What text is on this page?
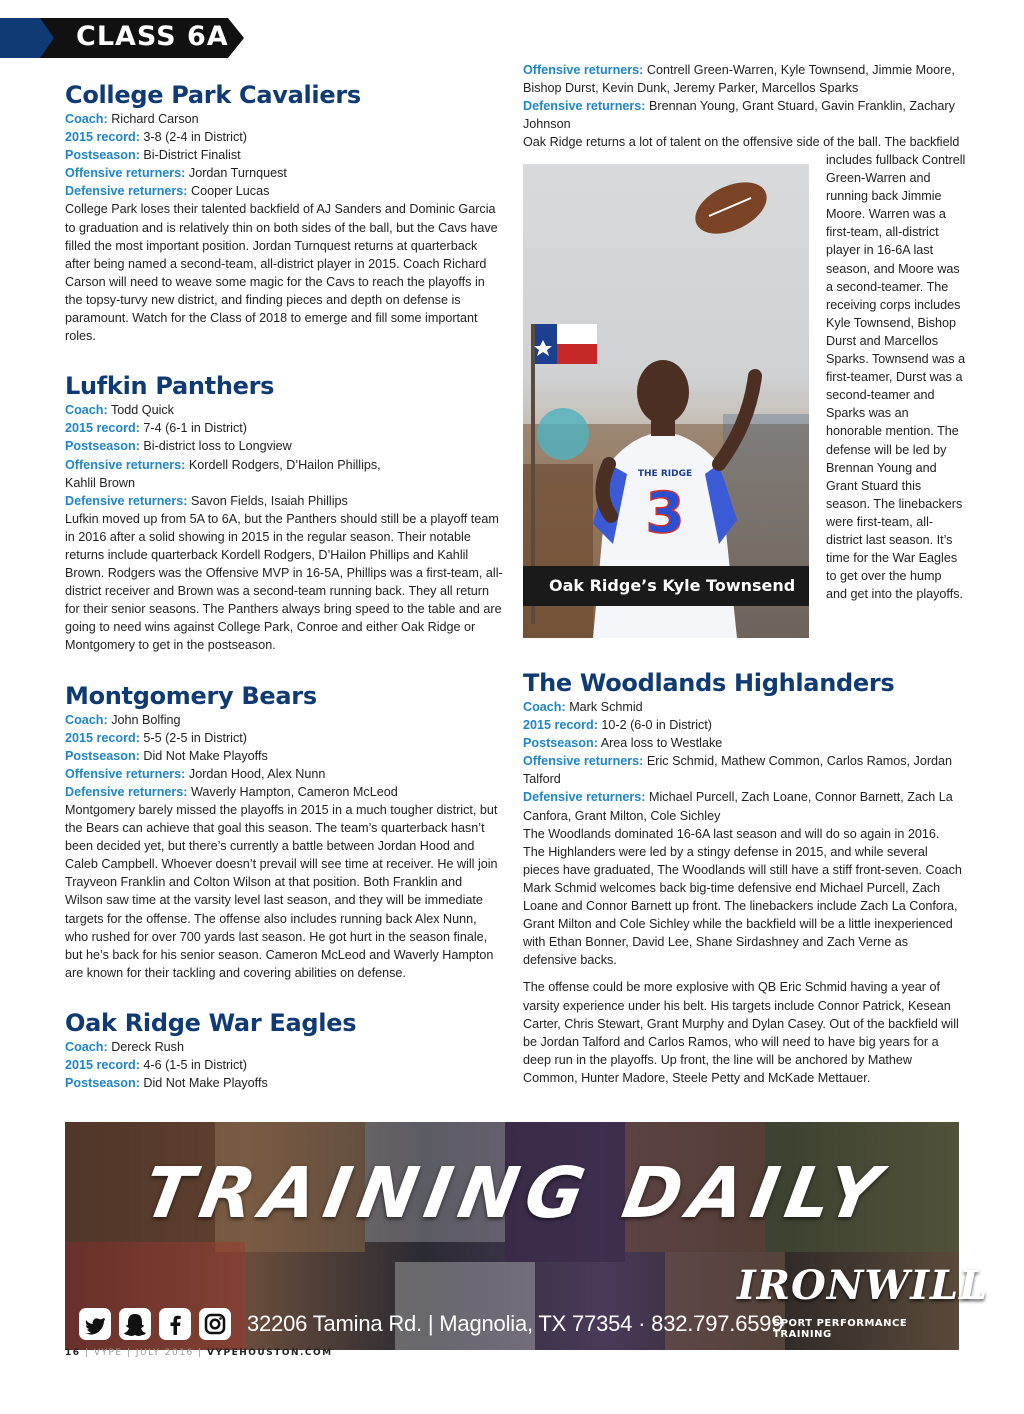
CLASS 6A
College Park Cavaliers
Coach: Richard Carson
2015 record: 3-8 (2-4 in District)
Postseason: Bi-District Finalist
Offensive returners: Jordan Turnquest
Defensive returners: Cooper Lucas

College Park loses their talented backfield of AJ Sanders and Dominic Garcia to graduation and is relatively thin on both sides of the ball, but the Cavs have filled the most important position. Jordan Turnquest returns at quarterback after being named a second-team, all-district player in 2015. Coach Richard Carson will need to weave some magic for the Cavs to reach the playoffs in the topsy-turvy new district, and finding pieces and depth on defense is paramount. Watch for the Class of 2018 to emerge and fill some important roles.

Lufkin Panthers
Coach: Todd Quick
2015 record: 7-4 (6-1 in District)
Postseason: Bi-district loss to Longview
Offensive returners: Kordell Rodgers, D’Hailon Phillips, Kahlil Brown
Defensive returners: Savon Fields, Isaiah Phillips

Lufkin moved up from 5A to 6A, but the Panthers should still be a playoff team in 2016 after a solid showing in 2015 in the regular season. Their notable returns include quarterback Kordell Rodgers, D’Hailon Phillips and Kahlil Brown. Rodgers was the Offensive MVP in 16-5A, Phillips was a first-team, all-district receiver and Brown was a second-team running back. They all return for their senior seasons. The Panthers always bring speed to the table and are going to need wins against College Park, Conroe and either Oak Ridge or Montgomery to get in the postseason.

Montgomery Bears
Coach: John Bolfing
2015 record: 5-5 (2-5 in District)
Postseason: Did Not Make Playoffs
Offensive returners: Jordan Hood, Alex Nunn
Defensive returners: Waverly Hampton, Cameron McLeod

Montgomery barely missed the playoffs in 2015 in a much tougher district, but the Bears can achieve that goal this season. The team’s quarterback hasn’t been decided yet, but there’s currently a battle between Jordan Hood and Caleb Campbell. Whoever doesn’t prevail will see time at receiver. He will join Trayveon Franklin and Colton Wilson at that position. Both Franklin and Wilson saw time at the varsity level last season, and they will be immediate targets for the offense. The offense also includes running back Alex Nunn, who rushed for over 700 yards last season. He got hurt in the season finale, but he’s back for his senior season. Cameron McLeod and Waverly Hampton are known for their tackling and covering abilities on defense.

Oak Ridge War Eagles
Coach: Dereck Rush
2015 record: 4-6 (1-5 in District)
Postseason: Did Not Make Playoffs
Offensive returners: Contrell Green-Warren, Kyle Townsend, Jimmie Moore, Bishop Durst, Kevin Dunk, Jeremy Parker, Marcellos Sparks
Defensive returners: Brennan Young, Grant Stuard, Gavin Franklin, Zachary Johnson

Oak Ridge returns a lot of talent on the offensive side of the ball. The backfield

THE RIDGE
3
Oak Ridge’s Kyle Townsend

includes fullback Contrell Green-Warren and running back Jimmie Moore. Warren was a first-team, all-district player in 16-6A last season, and Moore was a second-teamer. The receiving corps includes Kyle Townsend, Bishop Durst and Marcellos Sparks. Townsend was a first-teamer, Durst was a second-teamer and Sparks was an honorable mention. The defense will be led by Brennan Young and Grant Stuard this season. The linebackers were first-team, all-district last season. It’s time for the War Eagles to get over the hump and get into the playoffs.

The Woodlands Highlanders
Coach: Mark Schmid
2015 record: 10-2 (6-0 in District)
Postseason: Area loss to Westlake
Offensive returners: Eric Schmid, Mathew Common, Carlos Ramos, Jordan Talford
Defensive returners: Michael Purcell, Zach Loane, Connor Barnett, Zach La Canfora, Grant Milton, Cole Sichley

The Woodlands dominated 16-6A last season and will do so again in 2016. The Highlanders were led by a stingy defense in 2015, and while several pieces have graduated, The Woodlands will still have a stiff front-seven. Coach Mark Schmid welcomes back big-time defensive end Michael Purcell, Zach Loane and Connor Barnett up front. The linebackers include Zach La Confora, Grant Milton and Cole Sichley while the backfield will be a little inexperienced with Ethan Bonner, David Lee, Shane Sirdashney and Zach Verne as defensive backs.

The offense could be more explosive with QB Eric Schmid having a year of varsity experience under his belt. His targets include Connor Patrick, Kesean Carter, Chris Stewart, Grant Murphy and Dylan Casey. Out of the backfield will be Jordan Talford and Carlos Ramos, who will need to have big years for a deep run in the playoffs. Up front, the line will be anchored by Mathew Common, Hunter Madore, Steele Petty and McKade Mettauer.

TRAINING DAILY
IRONWILL
SPORT PERFORMANCE TRAINING
32206 Tamina Rd. | Magnolia, TX 77354 · 832.797.6599
16 | VYPE | JULY 2016 | VYPEHOUSTON.COM
